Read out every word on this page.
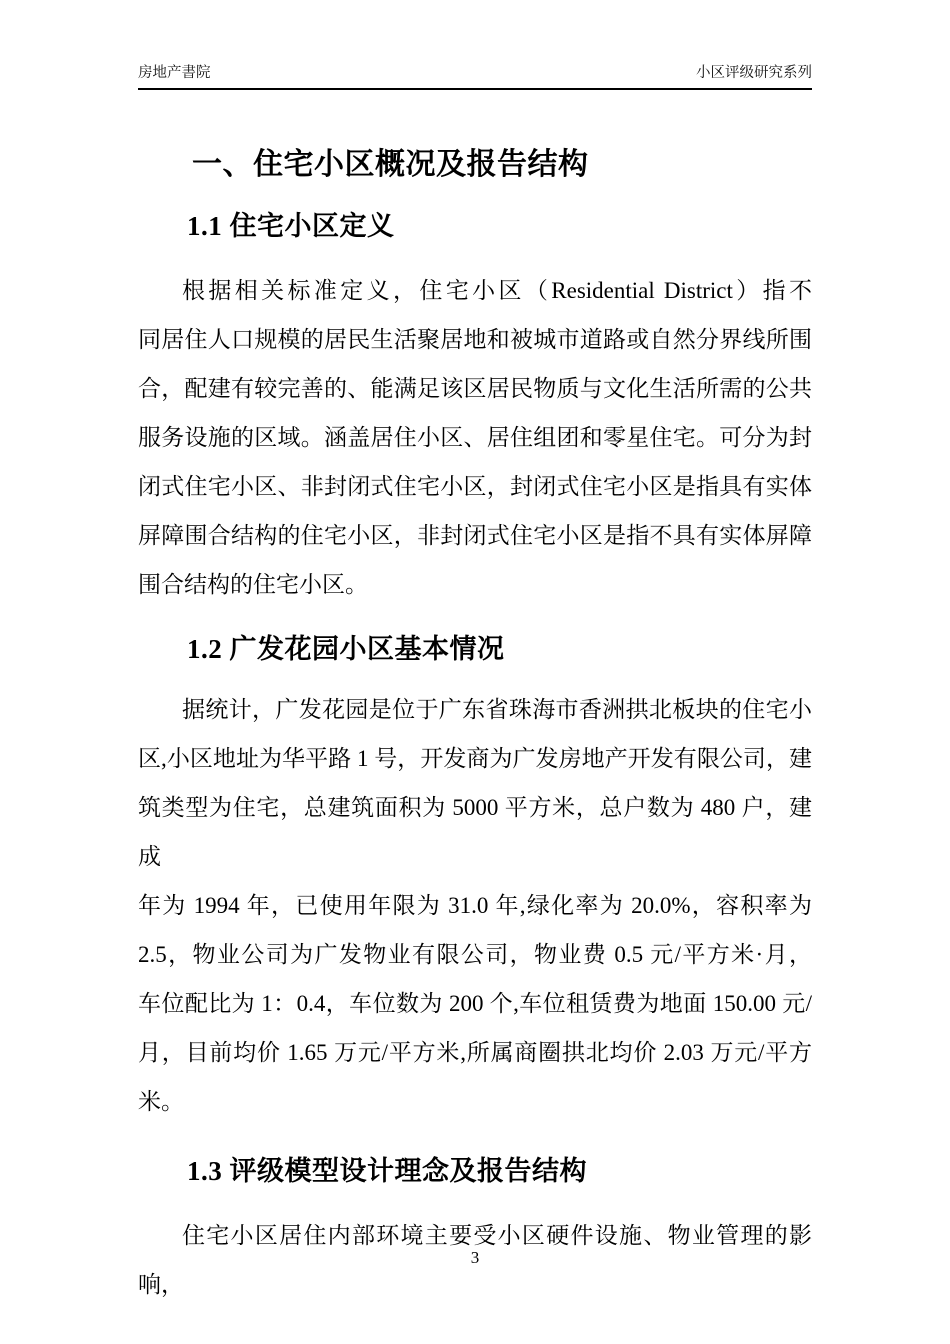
房地产書院	小区评级研究系列
一、住宅小区概况及报告结构
1.1 住宅小区定义
根据相关标准定义，住宅小区（Residential District）指不
同居住人口规模的居民生活聚居地和被城市道路或自然分界线所围
合，配建有较完善的、能满足该区居民物质与文化生活所需的公共
服务设施的区域。涵盖居住小区、居住组团和零星住宅。可分为封
闭式住宅小区、非封闭式住宅小区，封闭式住宅小区是指具有实体
屏障围合结构的住宅小区，非封闭式住宅小区是指不具有实体屏障
围合结构的住宅小区。
1.2 广发花园小区基本情况
据统计，广发花园是位于广东省珠海市香洲拱北板块的住宅小
区,小区地址为华平路 1 号，开发商为广发房地产开发有限公司，建
筑类型为住宅，总建筑面积为 5000 平方米，总户数为 480 户，建成
年为 1994 年，已使用年限为 31.0 年,绿化率为 20.0%，容积率为
2.5，物业公司为广发物业有限公司，物业费 0.5 元/平方米·月，
车位配比为 1：0.4，车位数为 200 个,车位租赁费为地面 150.00 元/
月，目前均价 1.65 万元/平方米,所属商圈拱北均价 2.03 万元/平方
米。
1.3 评级模型设计理念及报告结构
住宅小区居住内部环境主要受小区硬件设施、物业管理的影响，
3
